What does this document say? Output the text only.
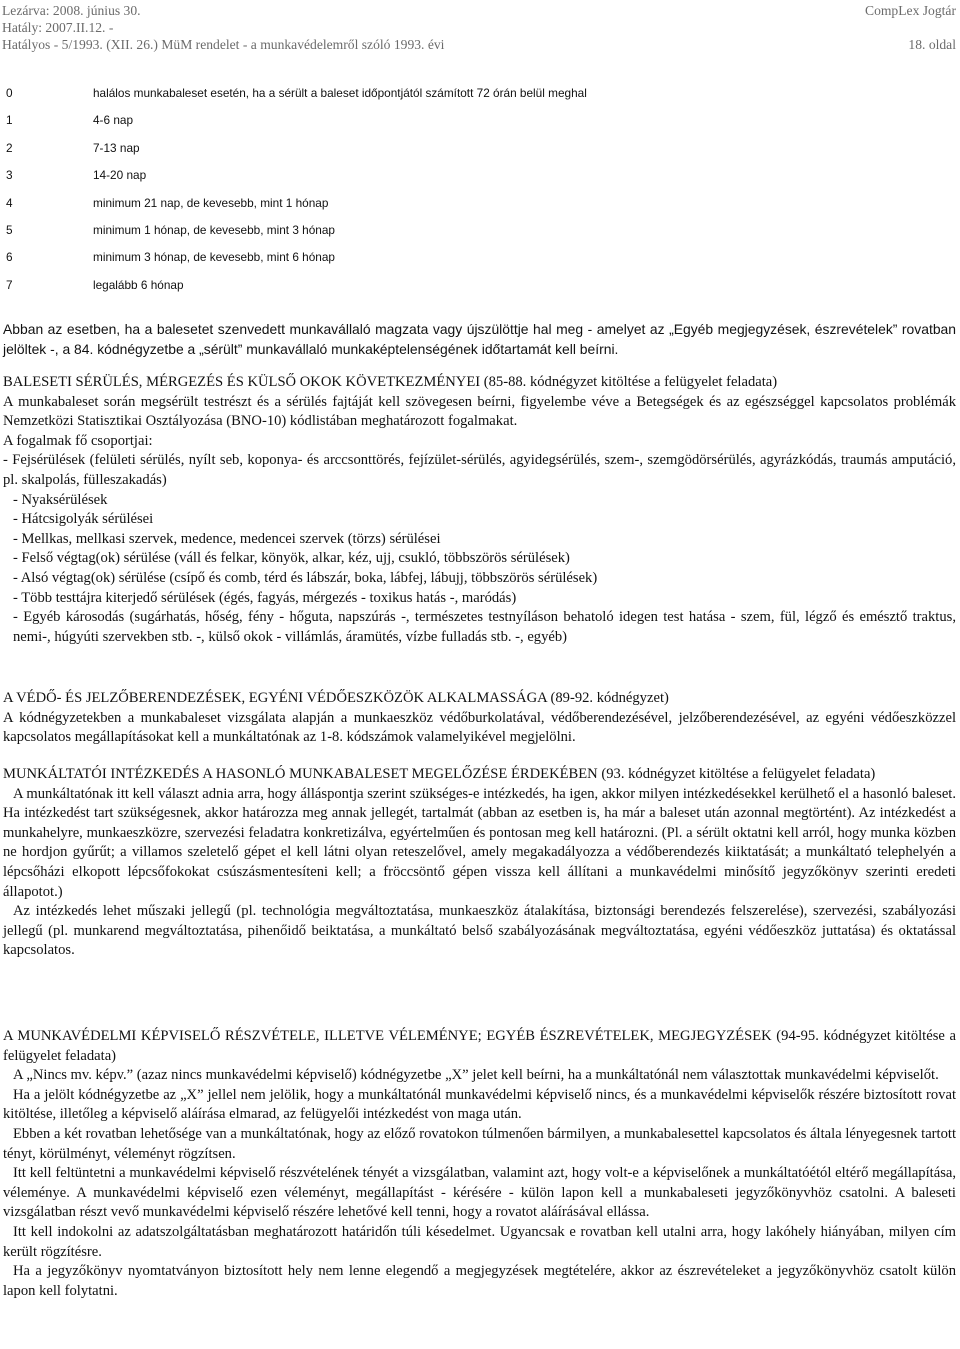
Lezárva: 2008. június 30.
Hatály: 2007.II.12. -
Hatályos - 5/1993. (XII. 26.) MüM rendelet - a munkavédelemről szóló 1993. évi
CompLex Jogtár
18. oldal
0	halálos munkabaleset esetén, ha a sérült a baleset időpontjától számított 72 órán belül meghal
1	4-6 nap
2	7-13 nap
3	14-20 nap
4	minimum 21 nap, de kevesebb, mint 1 hónap
5	minimum 1 hónap, de kevesebb, mint 3 hónap
6	minimum 3 hónap, de kevesebb, mint 6 hónap
7	legalább 6 hónap

Abban az esetben, ha a balesetet szenvedett munkavállaló magzata vagy újszülöttje hal meg - amelyet az „Egyéb megjegyzések, észrevételek” rovatban jelöltek -, a 84. kódnégyzetbe a „sérült” munkavállaló munkaképtelenségének időtartamát kell beírni.

BALESETI SÉRÜLÉS, MÉRGEZÉS ÉS KÜLSŐ OKOK KÖVETKEZMÉNYEI (85-88. kódnégyzet kitöltése a felügyelet feladata)
A munkabaleset során megsérült testrészt és a sérülés fajtáját kell szövegesen beírni, figyelembe véve a Betegségek és az egészséggel kapcsolatos problémák Nemzetközi Statisztikai Osztályozása (BNO-10) kódlistában meghatározott fogalmakat.
A fogalmak fő csoportjai:
- Fejsérülések (felületi sérülés, nyílt seb, koponya- és arccsonttörés, fejízület-sérülés, agyidegsérülés, szem-, szemgödörsérülés, agyrázkódás, traumás amputáció, pl. skalpolás, fülleszakadás)
- Nyaksérülések
- Hátcsigolyák sérülései
- Mellkas, mellkasi szervek, medence, medencei szervek (törzs) sérülései
- Felső végtag(ok) sérülése (váll és felkar, könyök, alkar, kéz, ujj, csukló, többszörös sérülések)
- Alsó végtag(ok) sérülése (csípő és comb, térd és lábszár, boka, lábfej, lábujj, többszörös sérülések)
- Több testtájra kiterjedő sérülések (égés, fagyás, mérgezés - toxikus hatás -, maródás)
- Egyéb károsodás (sugárhatás, hőség, fény - hőguta, napszúrás -, természetes testnyíláson behatoló idegen test hatása - szem, fül, légző és emésztő traktus, nemi-, húgyúti szervekben stb. -, külső okok - villámlás, áramütés, vízbe fulladás stb. -, egyéb)
A VÉDŐ- ÉS JELZŐBERENDEZÉSEK, EGYÉNI VÉDŐESZKÖZÖK ALKALMASSÁGA (89-92. kódnégyzet)
A kódnégyzetekben a munkabaleset vizsgálata alapján a munkaeszköz védőburkolatával, védőberendezésével, jelzőberendezésével, az egyéni védőeszközzel kapcsolatos megállapításokat kell a munkáltatónak az 1-8. kódszámok valamelyikével megjelölni.
MUNKÁLTATÓI INTÉZKEDÉS A HASONLÓ MUNKABALESET MEGELŐZÉSE ÉRDEKÉBEN (93. kódnégyzet kitöltése a felügyelet feladata)
A munkáltatónak itt kell választ adnia arra, hogy álláspontja szerint szükséges-e intézkedés, ha igen, akkor milyen intézkedésekkel kerülhető el a hasonló baleset. Ha intézkedést tart szükségesnek, akkor határozza meg annak jellegét, tartalmát (abban az esetben is, ha már a baleset után azonnal megtörtént). Az intézkedést a munkahelyre, munkaeszközre, szervezési feladatra konkretizálva, egyértelműen és pontosan meg kell határozni. (Pl. a sérült oktatni kell arról, hogy munka közben ne hordjon gyűrűt; a villamos szeletelő gépet el kell látni olyan reteszelővel, amely megakadályozza a védőberendezés kiiktatását; a munkáltató telephelyén a lépcsőházi elkopott lépcsőfokokat csúszásmentesíteni kell; a fröccsöntő gépen vissza kell állítani a munkavédelmi minősítő jegyzőkönyv szerinti eredeti állapotot.)
Az intézkedés lehet műszaki jellegű (pl. technológia megváltoztatása, munkaeszköz átalakítása, biztonsági berendezés felszerelése), szervezési, szabályozási jellegű (pl. munkarend megváltoztatása, pihenőidő beiktatása, a munkáltató belső szabályozásának megváltoztatása, egyéni védőeszköz juttatása) és oktatással kapcsolatos.
A MUNKAVÉDELMI KÉPVISELŐ RÉSZVÉTELE, ILLETVE VÉLEMÉNYE; EGYÉB ÉSZREVÉTELEK, MEGJEGYZÉSEK (94-95. kódnégyzet kitöltése a felügyelet feladata)
A „Nincs mv. képv.” (azaz nincs munkavédelmi képviselő) kódnégyzetbe „X” jelet kell beírni, ha a munkáltatónál nem választottak munkavédelmi képviselőt.
Ha a jelölt kódnégyzetbe az „X” jellel nem jelölik, hogy a munkáltatónál munkavédelmi képviselő nincs, és a munkavédelmi képviselők részére biztosított rovat kitöltése, illetőleg a képviselő aláírása elmarad, az felügyelői intézkedést von maga után.
Ebben a két rovatban lehetősége van a munkáltatónak, hogy az előző rovatokon túlmenően bármilyen, a munkabalesettel kapcsolatos és általa lényegesnek tartott tényt, körülményt, véleményt rögzítsen.
Itt kell feltüntetni a munkavédelmi képviselő részvételének tényét a vizsgálatban, valamint azt, hogy volt-e a képviselőnek a munkáltatóétól eltérő megállapítása, véleménye. A munkavédelmi képviselő ezen véleményt, megállapítást - kérésére - külön lapon kell a munkabaleseti jegyzőkönyvhöz csatolni. A baleseti vizsgálatban részt vevő munkavédelmi képviselő részére lehetővé kell tenni, hogy a rovatot aláírásával ellássa.
Itt kell indokolni az adatszolgáltatásban meghatározott határidőn túli késedelmet. Ugyancsak e rovatban kell utalni arra, hogy lakóhely hiányában, milyen cím került rögzítésre.
Ha a jegyzőkönyv nyomtatványon biztosított hely nem lenne elegendő a megjegyzések megtételére, akkor az észrevételeket a jegyzőkönyvhöz csatolt külön lapon kell folytatni.
